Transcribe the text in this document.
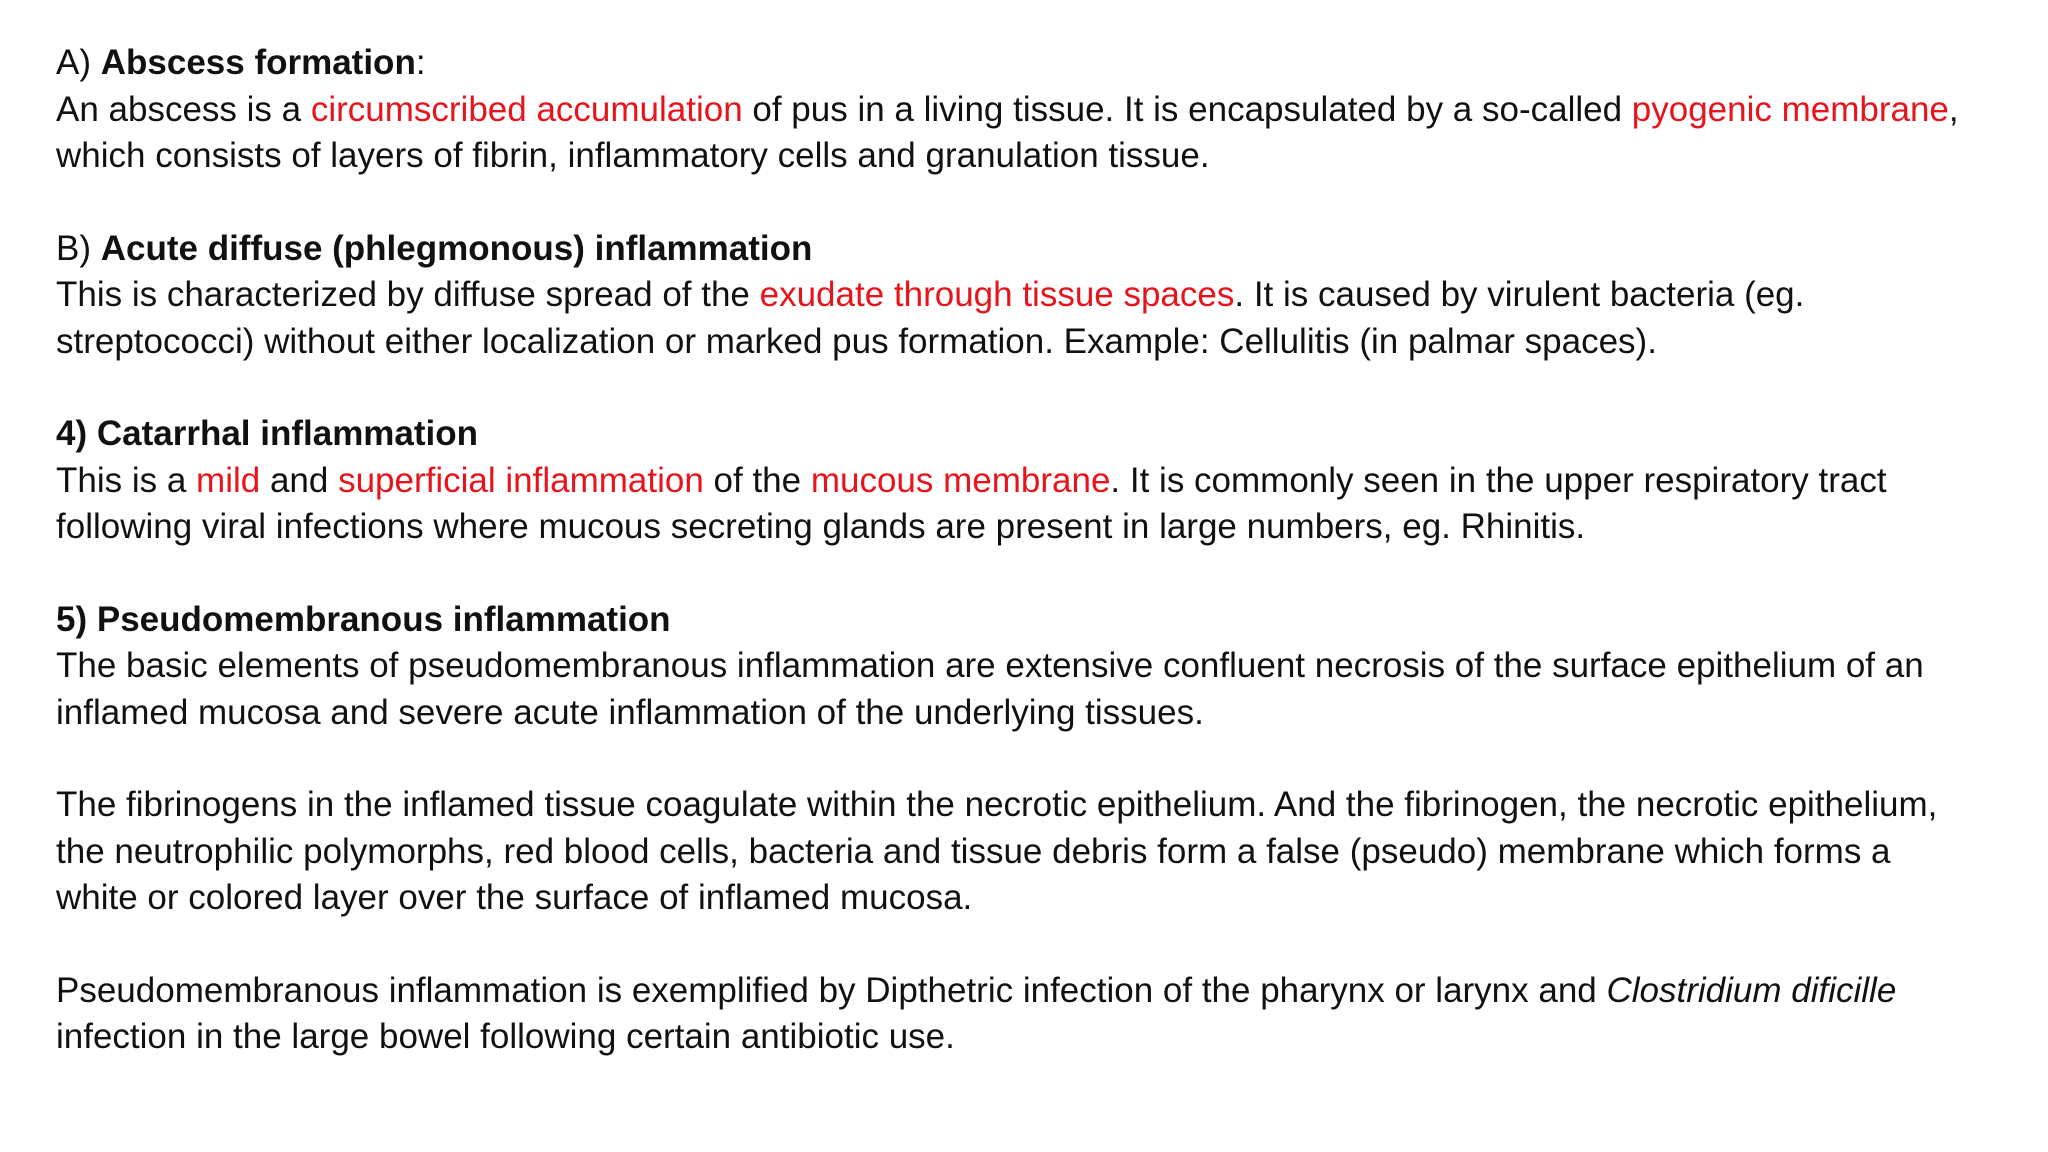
A) Abscess formation:
An abscess is a circumscribed accumulation of pus in a living tissue. It is encapsulated by a so-called pyogenic membrane,
which consists of layers of fibrin, inflammatory cells and granulation tissue.

B) Acute diffuse (phlegmonous) inflammation
This is characterized by diffuse spread of the exudate through tissue spaces. It is caused by virulent bacteria (eg.
streptococci) without either localization or marked pus formation. Example: Cellulitis (in palmar spaces).

4) Catarrhal inflammation
This is a mild and superficial inflammation of the mucous membrane. It is commonly seen in the upper respiratory tract
following viral infections where mucous secreting glands are present in large numbers, eg. Rhinitis.

5) Pseudomembranous inflammation
The basic elements of pseudomembranous inflammation are extensive confluent necrosis of the surface epithelium of an
inflamed mucosa and severe acute inflammation of the underlying tissues.

The fibrinogens in the inflamed tissue coagulate within the necrotic epithelium. And the fibrinogen, the necrotic epithelium,
the neutrophilic polymorphs, red blood cells, bacteria and tissue debris form a false (pseudo) membrane which forms a
white or colored layer over the surface of inflamed mucosa.

Pseudomembranous inflammation is exemplified by Dipthetric infection of the pharynx or larynx and Clostridium dificille
infection in the large bowel following certain antibiotic use.
